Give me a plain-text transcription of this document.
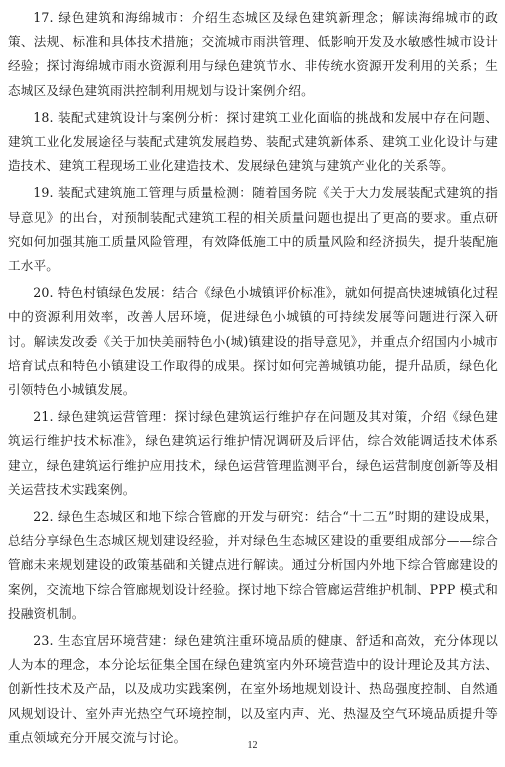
17. 绿色建筑和海绵城市：介绍生态城区及绿色建筑新理念；解读海绵城市的政策、法规、标准和具体技术措施；交流城市雨洪管理、低影响开发及水敏感性城市设计经验；探讨海绵城市雨水资源利用与绿色建筑节水、非传统水资源开发利用的关系；生态城区及绿色建筑雨洪控制利用规划与设计案例介绍。

18. 装配式建筑设计与案例分析：探讨建筑工业化面临的挑战和发展中存在问题、建筑工业化发展途径与装配式建筑发展趋势、装配式建筑新体系、建筑工业化设计与建造技术、建筑工程现场工业化建造技术、发展绿色建筑与建筑产业化的关系等。

19. 装配式建筑施工管理与质量检测：随着国务院《关于大力发展装配式建筑的指导意见》的出台，对预制装配式建筑工程的相关质量问题也提出了更高的要求。重点研究如何加强其施工质量风险管理，有效降低施工中的质量风险和经济损失，提升装配施工水平。

20. 特色村镇绿色发展：结合《绿色小城镇评价标准》，就如何提高快速城镇化过程中的资源利用效率，改善人居环境，促进绿色小城镇的可持续发展等问题进行深入研讨。解读发改委《关于加快美丽特色小(城)镇建设的指导意见》，并重点介绍国内小城市培育试点和特色小镇建设工作取得的成果。探讨如何完善城镇功能，提升品质，绿色化引领特色小城镇发展。

21. 绿色建筑运营管理：探讨绿色建筑运行维护存在问题及其对策，介绍《绿色建筑运行维护技术标准》，绿色建筑运行维护情况调研及后评估，综合效能调适技术体系建立，绿色建筑运行维护应用技术，绿色运营管理监测平台，绿色运营制度创新等及相关运营技术实践案例。

22. 绿色生态城区和地下综合管廊的开发与研究：结合“十二五”时期的建设成果，总结分享绿色生态城区规划建设经验，并对绿色生态城区建设的重要组成部分——综合管廊未来规划建设的政策基础和关键点进行解读。通过分析国内外地下综合管廊建设的案例，交流地下综合管廊规划设计经验。探讨地下综合管廊运营维护机制、PPP 模式和投融资机制。

23. 生态宜居环境营建：绿色建筑注重环境品质的健康、舒适和高效，充分体现以人为本的理念，本分论坛征集全国在绿色建筑室内外环境营造中的设计理论及其方法、创新性技术及产品，以及成功实践案例，在室外场地规划设计、热岛强度控制、自然通风规划设计、室外声光热空气环境控制，以及室内声、光、热湿及空气环境品质提升等重点领域充分开展交流与讨论。

12
